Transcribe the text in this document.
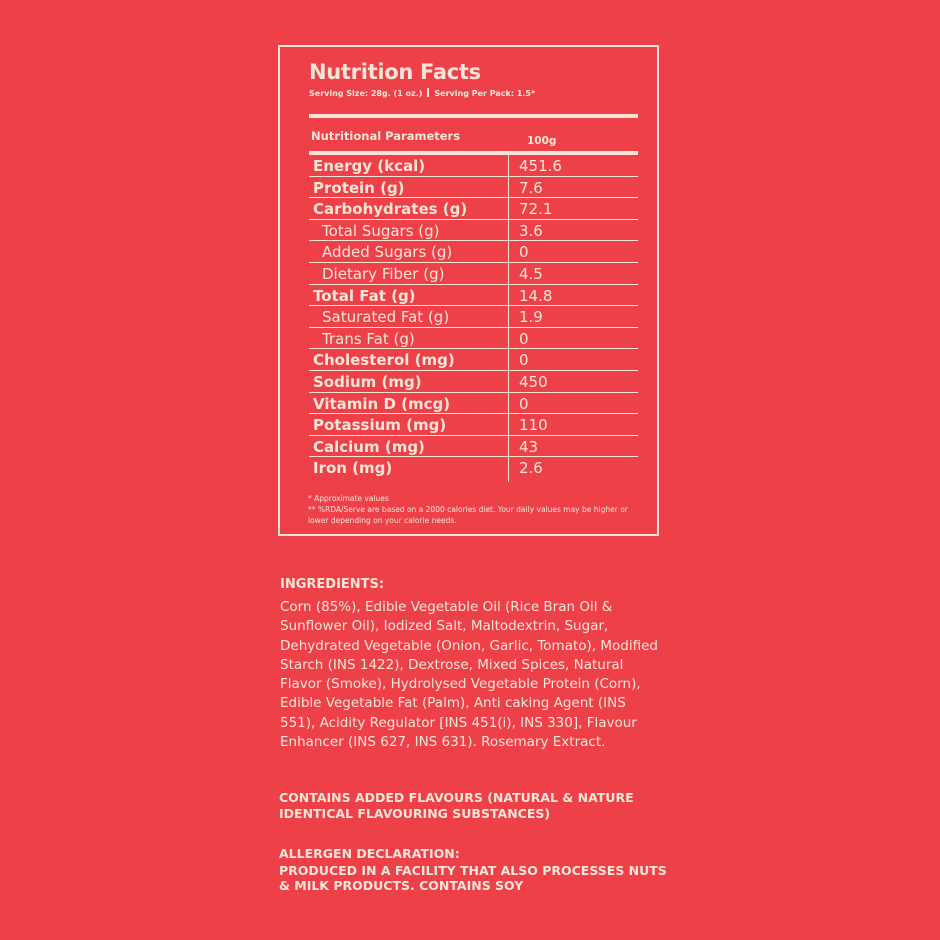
Nutrition Facts
Serving Size: 28g. (1 oz.) Serving Per Pack: 1.5*
Nutritional Parameters	100g
Energy (kcal)	451.6
Protein (g)	7.6
Carbohydrates (g)	72.1
Total Sugars (g)	3.6
Added Sugars (g)	0
Dietary Fiber (g)	4.5
Total Fat (g)	14.8
Saturated Fat (g)	1.9
Trans Fat (g)	0
Cholesterol (mg)	0
Sodium (mg)	450
Vitamin D (mcg)	0
Potassium (mg)	110
Calcium (mg)	43
Iron (mg)	2.6
* Approximate values
** %RDA/Serve are based on a 2000 calories diet. Your daily values may be higher or lower depending on your calorie needs.
INGREDIENTS:
Corn (85%), Edible Vegetable Oil (Rice Bran Oil & Sunflower Oil), Iodized Salt, Maltodextrin, Sugar, Dehydrated Vegetable (Onion, Garlic, Tomato), Modified Starch (INS 1422), Dextrose, Mixed Spices, Natural Flavor (Smoke), Hydrolysed Vegetable Protein (Corn), Edible Vegetable Fat (Palm), Anti caking Agent (INS 551), Acidity Regulator [INS 451(i), INS 330], Flavour Enhancer (INS 627, INS 631). Rosemary Extract.
CONTAINS ADDED FLAVOURS (NATURAL & NATURE IDENTICAL FLAVOURING SUBSTANCES)
ALLERGEN DECLARATION:
PRODUCED IN A FACILITY THAT ALSO PROCESSES NUTS & MILK PRODUCTS. CONTAINS SOY
